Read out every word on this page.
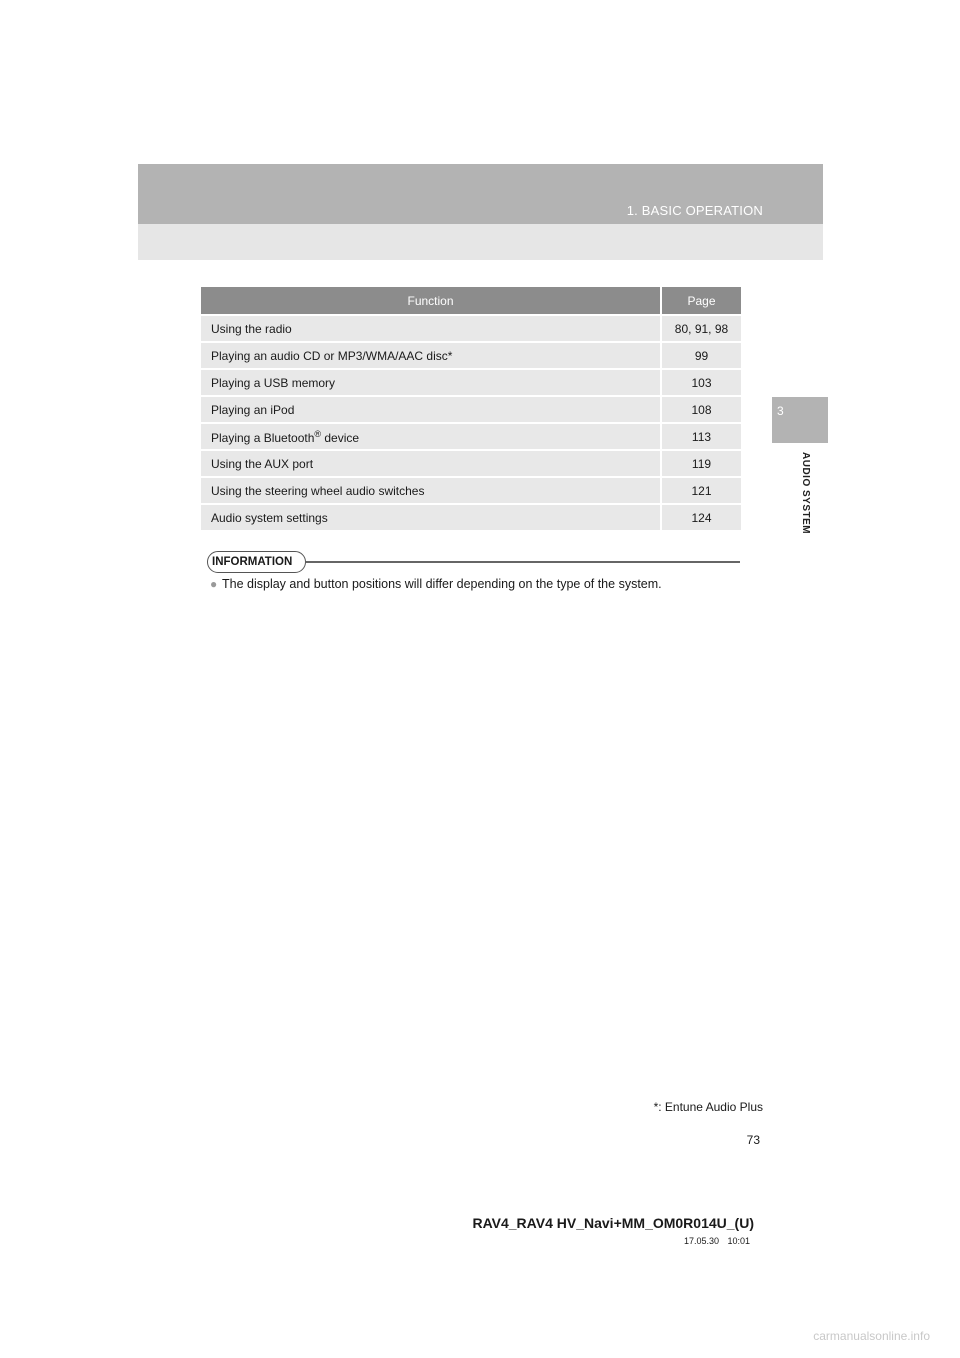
1. BASIC OPERATION
3
AUDIO SYSTEM
Function	Page
Using the radio	80, 91, 98
Playing an audio CD or MP3/WMA/AAC disc*	99
Playing a USB memory	103
Playing an iPod	108
Playing a Bluetooth® device	113
Using the AUX port	119
Using the steering wheel audio switches	121
Audio system settings	124
INFORMATION
● The display and button positions will differ depending on the type of the system.
*: Entune Audio Plus
73
RAV4_RAV4 HV_Navi+MM_OM0R014U_(U)
17.05.30 10:01
carmanualsonline.info
